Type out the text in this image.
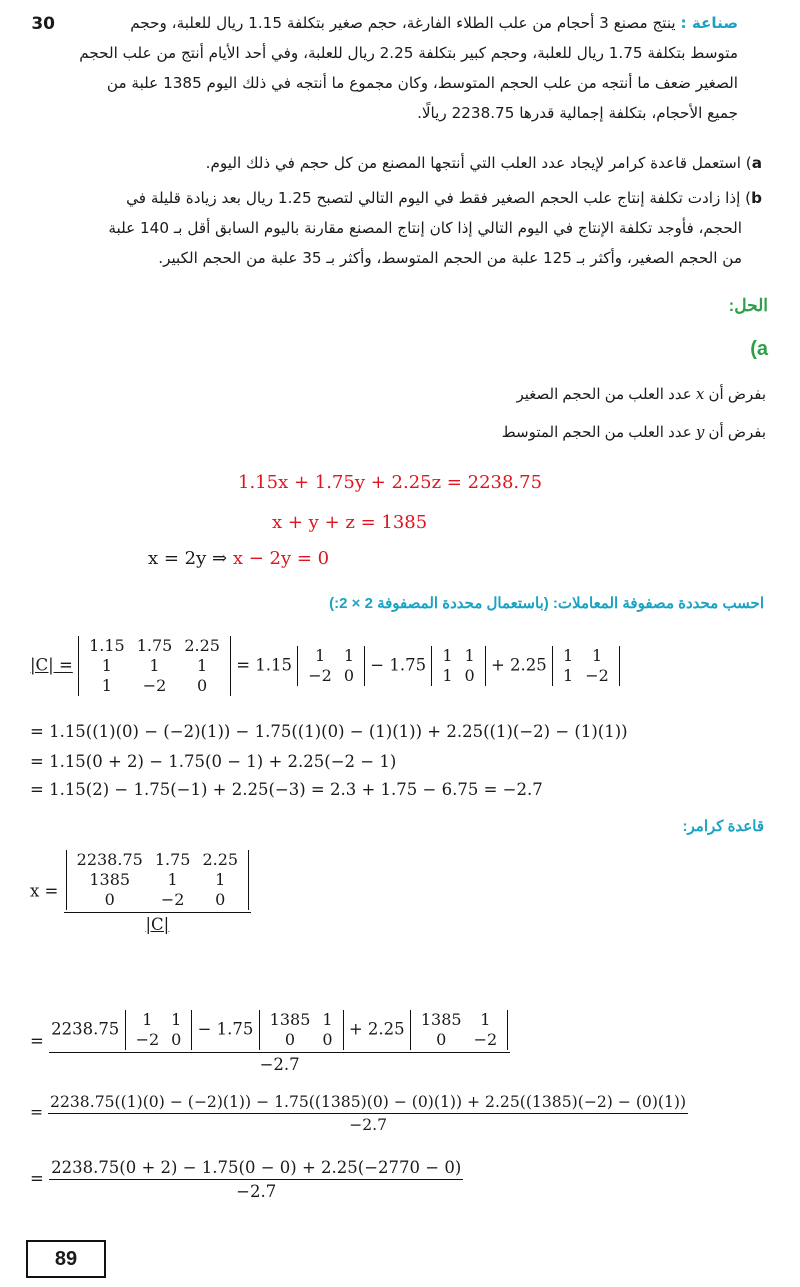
30	صناعة : ينتج مصنع 3 أحجام من علب الطلاء الفارغة، حجم صغير بتكلفة 1.15 ريال للعلبة، وحجم
متوسط بتكلفة 1.75 ريال للعلبة، وحجم كبير بتكلفة 2.25 ريال للعلبة، وفي أحد الأيام أنتج من علب الحجم
الصغير ضعف ما أنتجه من علب الحجم المتوسط، وكان مجموع ما أنتجه في ذلك اليوم 1385 علبة من
جميع الأحجام، بتكلفة إجمالية قدرها 2238.75 ريالًا.
a) استعمل قاعدة كرامر لإيجاد عدد العلب التي أنتجها المصنع من كل حجم في ذلك اليوم.
b) إذا زادت تكلفة إنتاج علب الحجم الصغير فقط في اليوم التالي لتصبح 1.25 ريال بعد زيادة قليلة في
الحجم، فأوجد تكلفة الإنتاج في اليوم التالي إذا كان إنتاج المصنع مقارنة باليوم السابق أقل بـ 140 علبة
من الحجم الصغير، وأكثر بـ 125 علبة من الحجم المتوسط، وأكثر بـ 35 علبة من الحجم الكبير.
الحل:
(a
بفرض أن x عدد العلب من الحجم الصغير
بفرض أن y عدد العلب من الحجم المتوسط
1.15x + 1.75y + 2.25z = 2238.75
x + y + z = 1385
x = 2y ⇒ x − 2y = 0
احسب محددة مصفوفة المعاملات: (باستعمال محددة المصفوفة 2 × 2:)
|C| =
1.15	1.75	2.25
1	1	1
1	−2	0
= 1.15 1	1
−2	0
− 1.75 1	1
1	0
+ 2.25 1	1
1	−2
= 1.15((1)(0) − (−2)(1)) − 1.75((1)(0) − (1)(1)) + 2.25((1)(−2) − (1)(1))
= 1.15(0 + 2) − 1.75(0 − 1) + 2.25(−2 − 1)
= 1.15(2) − 1.75(−1) + 2.25(−3) = 2.3 + 1.75 − 6.75 = −2.7
قاعدة كرامر:
x = 2238.75	1.75	2.25
1385	1	1
0	−2	0
|C|
=
2238.75 1	1
−2	0
− 1.75 1385	1
0	0
+ 2.25 1385	1
0	−2
−2.7
=
2238.75((1)(0) − (−2)(1)) − 1.75((1385)(0) − (0)(1)) + 2.25((1385)(−2) − (0)(1))
−2.7
= $\frac{2238.75(0 + 2) - 1.75(0 - 0) + 2.25(-2770 - 0)}{-2.7}$
89
